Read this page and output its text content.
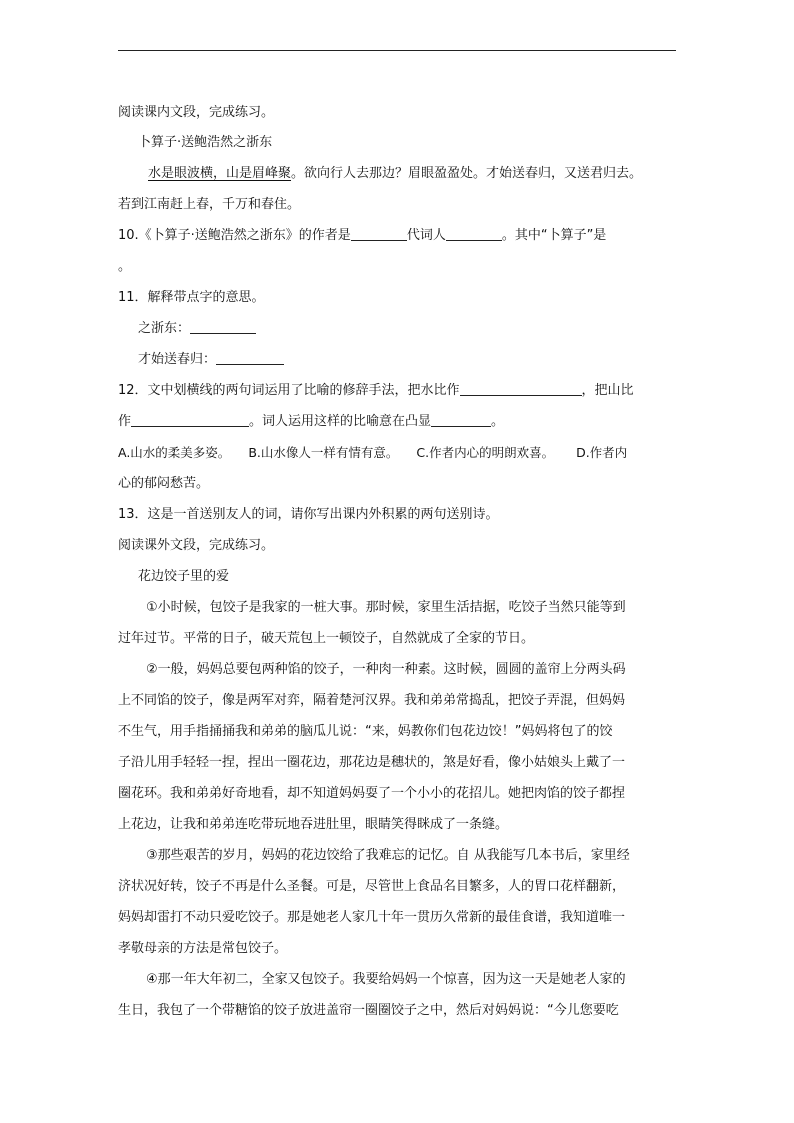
阅读课内文段，完成练习。
卜算子·送鲍浩然之浙东
水是眼波横，山是眉峰聚。欲向行人去那边？眉眼盈盈处。才始送春归，又送君归去。
若到江南赶上春，千万和春住。
10.《卜算子·送鲍浩然之浙东》的作者是	代词人	。其中“卜算子”是
。
11．解释带点字的意思。
之浙东：
才始送春归：
12．文中划横线的两句词运用了比喻的修辞手法，把水比作	，把山比
作	。词人运用这样的比喻意在凸显	。
A.山水的柔美多姿。 B.山水像人一样有情有意。 C.作者内心的明朗欢喜。 D.作者内
心的郁闷愁苦。
13．这是一首送别友人的词，请你写出课内外积累的两句送别诗。
阅读课外文段，完成练习。
花边饺子里的爱
①小时候，包饺子是我家的一桩大事。那时候，家里生活拮据，吃饺子当然只能等到
过年过节。平常的日子，破天荒包上一顿饺子，自然就成了全家的节日。
②一般，妈妈总要包两种馅的饺子，一种肉一种素。这时候，圆圆的盖帘上分两头码
上不同馅的饺子，像是两军对弈，隔着楚河汉界。我和弟弟常捣乱，把饺子弄混，但妈妈
不生气，用手指捅捅我和弟弟的脑瓜儿说：“来，妈教你们包花边饺！”妈妈将包了的饺
子沿儿用手轻轻一捏，捏出一圈花边，那花边是穗状的，煞是好看，像小姑娘头上戴了一
圈花环。我和弟弟好奇地看，却不知道妈妈耍了一个小小的花招儿。她把肉馅的饺子都捏
上花边，让我和弟弟连吃带玩地吞进肚里，眼睛笑得眯成了一条缝。
③那些艰苦的岁月，妈妈的花边饺给了我难忘的记忆。自 从我能写几本书后，家里经
济状况好转，饺子不再是什么圣餐。可是，尽管世上食品名目繁多，人的胃口花样翻新，
妈妈却雷打不动只爱吃饺子。那是她老人家几十年一贯历久常新的最佳食谱，我知道唯一
孝敬母亲的方法是常包饺子。
④那一年大年初二，全家又包饺子。我要给妈妈一个惊喜，因为这一天是她老人家的
生日，我包了一个带糖馅的饺子放进盖帘一圈圈饺子之中，然后对妈妈说：“今儿您要吃
